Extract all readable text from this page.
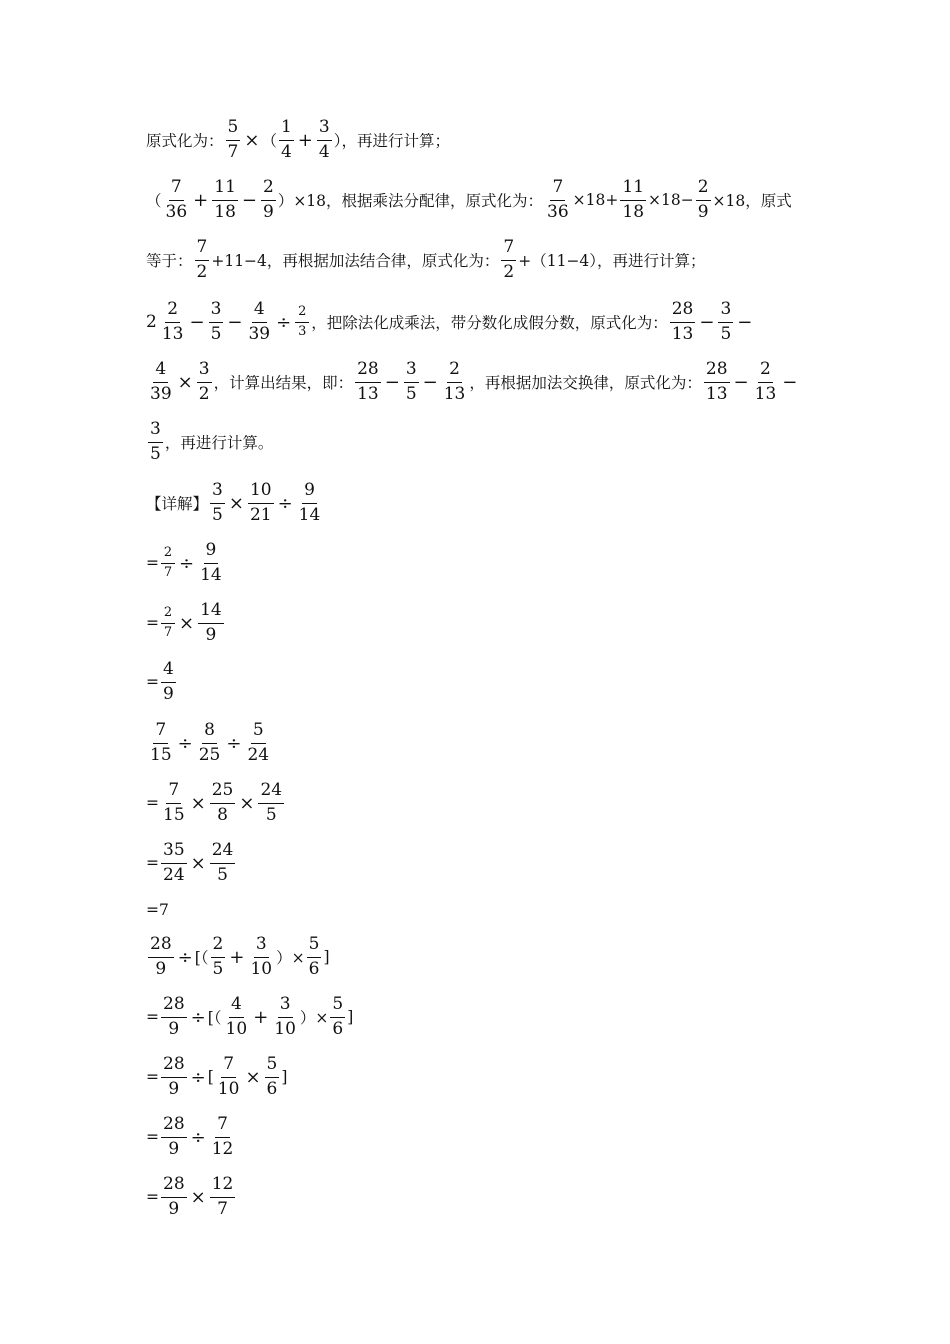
原式化为： $\frac{5}{7}$ × （ $\frac{1}{4} + \frac{3}{4}$ ），再进行计算；
（ $\frac{7}{36} + \frac{11}{18} - \frac{2}{9} )\times 18$，根据乘法分配律，原式化为： $\frac{7}{36} \times 18+ \frac{11}{18} \times 18- \frac{2}{9} \times 18$，原式
等于： $\frac{7}{2} +11-4$，再根据加法结合律，原式化为： $\frac{7}{2} +(11-4)$，再进行计算；
$2 \frac{2}{13} - \frac{3}{5} - \frac{4}{39} \div \frac{2}{3}$ ，把除法化成乘法，带分数化成假分数，原式化为： $\frac{28}{13} - \frac{3}{5}$ −
$\frac{4}{39} \times \frac{3}{2}$ ，计算出结果，即： $\frac{28}{13} - \frac{3}{5} - \frac{2}{13}$ ，再根据加法交换律，原式化为： $\frac{28}{13} - \frac{2}{13}$ −
$\frac{3}{5}$ ，再进行计算。
【详解】 $\frac{3}{5} \times \frac{10}{21} \div \frac{9}{14}$
= $\frac{2}{7} \div \frac{9}{14}$
= $\frac{2}{7} \times \frac{14}{9}$
= $\frac{4}{9}$
$\frac{7}{15} \div \frac{8}{25} \div \frac{5}{24}$
= $\frac{7}{15} \times \frac{25}{8} \times \frac{24}{5}$
= $\frac{35}{24} \times \frac{24}{5}$
=7
$\frac{28}{9}$ ÷ [（ $\frac{2}{5} + \frac{3}{10}$ ）× $\frac{5}{6}$ ]
= $\frac{28}{9}$ ÷ [（ $\frac{4}{10} + \frac{3}{10}$ ）× $\frac{5}{6}$ ]
= $\frac{28}{9}$ ÷ [ $\frac{7}{10} \times \frac{5}{6}$ ]
= $\frac{28}{9} \div \frac{7}{12}$
= $\frac{28}{9} \times \frac{12}{7}$
